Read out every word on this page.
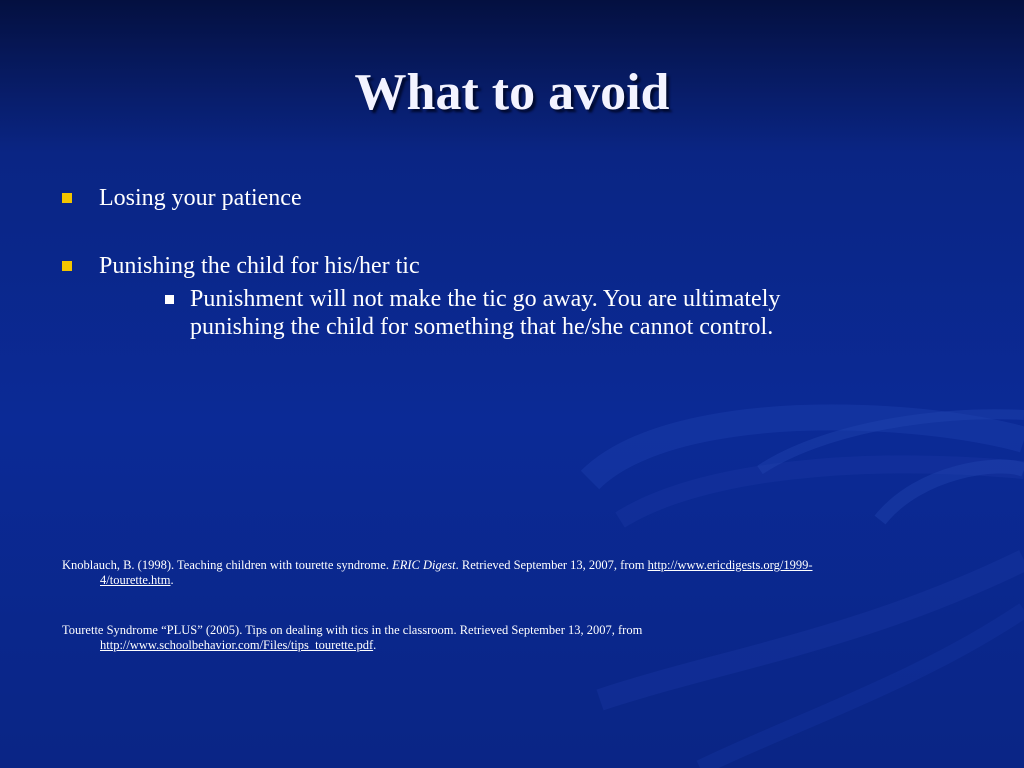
What to avoid
Losing your patience
Punishing the child for his/her tic
Punishment will not make the tic go away. You are ultimately
punishing the child for something that he/she cannot control.
Knoblauch, B. (1998). Teaching children with tourette syndrome. ERIC Digest. Retrieved September 13, 2007, from http://www.ericdigests.org/1999-
4/tourette.htm.
Tourette Syndrome “PLUS” (2005). Tips on dealing with tics in the classroom. Retrieved September 13, 2007, from
http://www.schoolbehavior.com/Files/tips_tourette.pdf.
